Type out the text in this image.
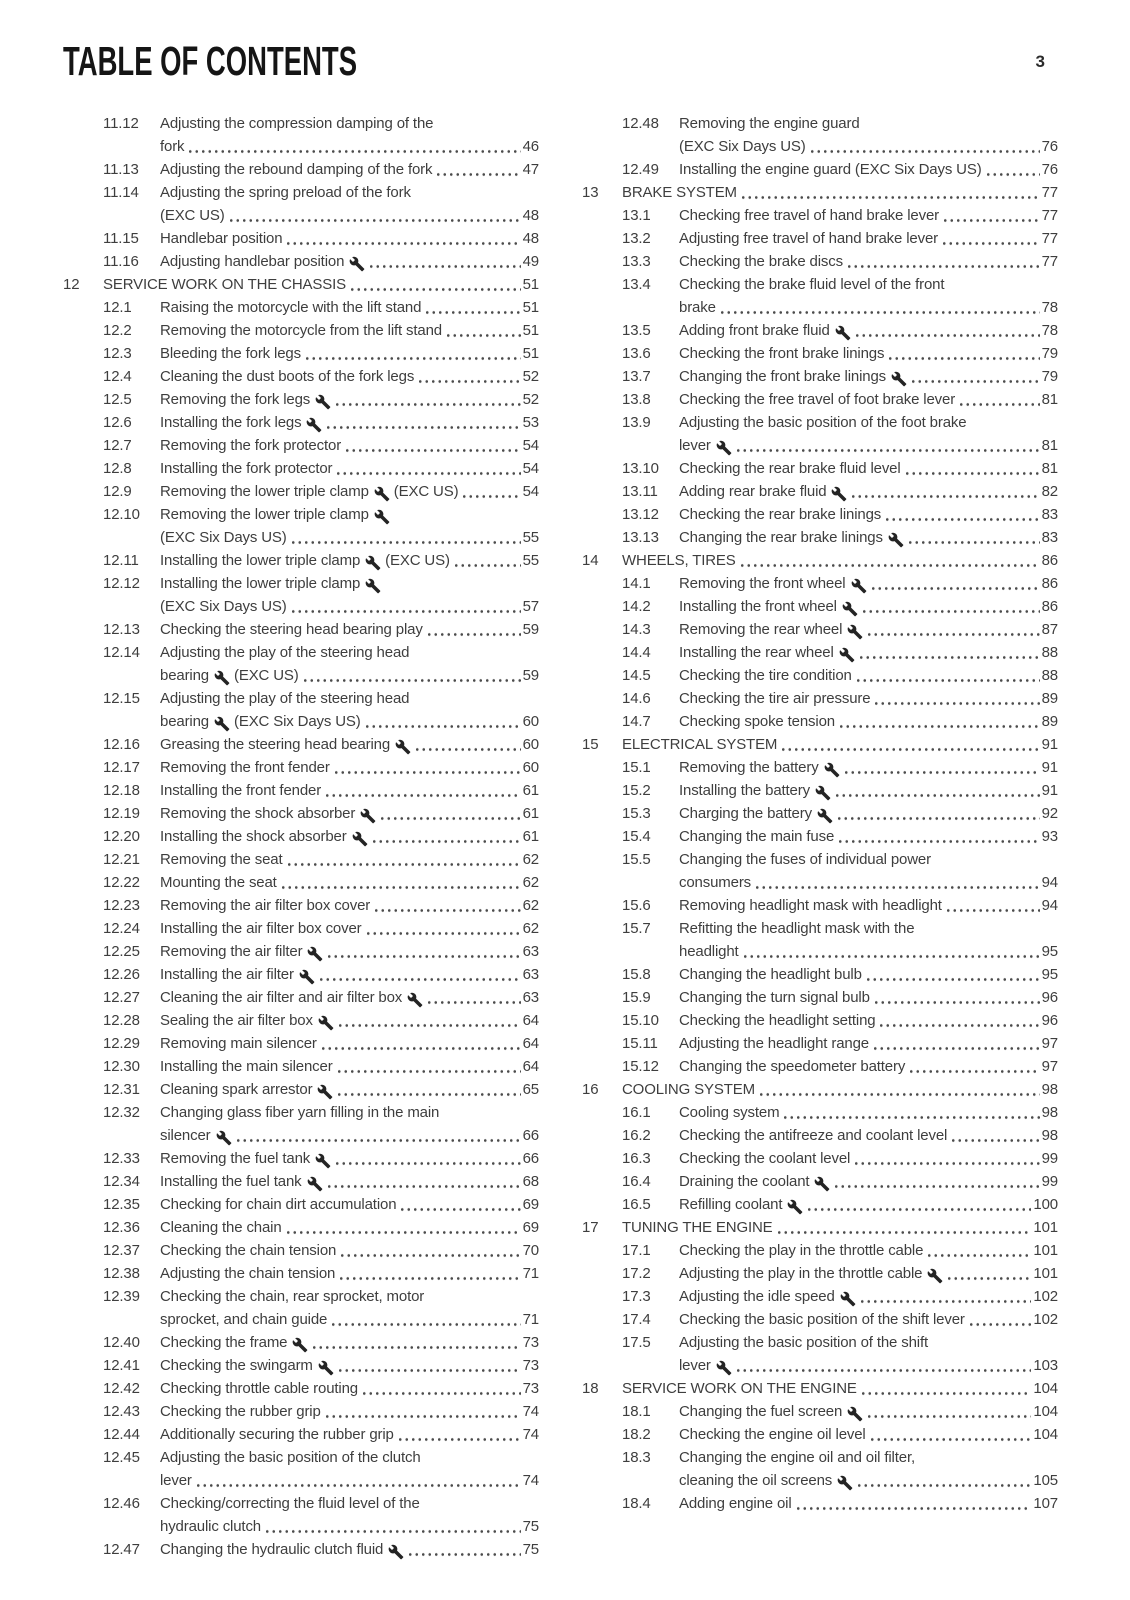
TABLE OF CONTENTS	3
11.12	Adjusting the compression damping of the
fork	46
11.13	Adjusting the rebound damping of the fork	47
11.14	Adjusting the spring preload of the fork
(EXC US)	48
11.15	Handlebar position	48
11.16	Adjusting handlebar position	49
12	SERVICE WORK ON THE CHASSIS	51
12.1	Raising the motorcycle with the lift stand	51
12.2	Removing the motorcycle from the lift stand	51
12.3	Bleeding the fork legs	51
12.4	Cleaning the dust boots of the fork legs	52
12.5	Removing the fork legs	52
12.6	Installing the fork legs	53
12.7	Removing the fork protector	54
12.8	Installing the fork protector	54
12.9	Removing the lower triple clamp (EXC US)	54
12.10	Removing the lower triple clamp
(EXC Six Days US)	55
12.11	Installing the lower triple clamp (EXC US)	55
12.12	Installing the lower triple clamp
(EXC Six Days US)	57
12.13	Checking the steering head bearing play	59
12.14	Adjusting the play of the steering head
bearing (EXC US)	59
12.15	Adjusting the play of the steering head
bearing (EXC Six Days US)	60
12.16	Greasing the steering head bearing	60
12.17	Removing the front fender	60
12.18	Installing the front fender	61
12.19	Removing the shock absorber	61
12.20	Installing the shock absorber	61
12.21	Removing the seat	62
12.22	Mounting the seat	62
12.23	Removing the air filter box cover	62
12.24	Installing the air filter box cover	62
12.25	Removing the air filter	63
12.26	Installing the air filter	63
12.27	Cleaning the air filter and air filter box	63
12.28	Sealing the air filter box	64
12.29	Removing main silencer	64
12.30	Installing the main silencer	64
12.31	Cleaning spark arrestor	65
12.32	Changing glass fiber yarn filling in the main
silencer	66
12.33	Removing the fuel tank	66
12.34	Installing the fuel tank	68
12.35	Checking for chain dirt accumulation	69
12.36	Cleaning the chain	69
12.37	Checking the chain tension	70
12.38	Adjusting the chain tension	71
12.39	Checking the chain, rear sprocket, motor
sprocket, and chain guide	71
12.40	Checking the frame	73
12.41	Checking the swingarm	73
12.42	Checking throttle cable routing	73
12.43	Checking the rubber grip	74
12.44	Additionally securing the rubber grip	74
12.45	Adjusting the basic position of the clutch
lever	74
12.46	Checking/correcting the fluid level of the
hydraulic clutch	75
12.47	Changing the hydraulic clutch fluid	75
12.48	Removing the engine guard
(EXC Six Days US)	76
12.49	Installing the engine guard (EXC Six Days US)	76
13	BRAKE SYSTEM	77
13.1	Checking free travel of hand brake lever	77
13.2	Adjusting free travel of hand brake lever	77
13.3	Checking the brake discs	77
13.4	Checking the brake fluid level of the front
brake	78
13.5	Adding front brake fluid	78
13.6	Checking the front brake linings	79
13.7	Changing the front brake linings	79
13.8	Checking the free travel of foot brake lever	81
13.9	Adjusting the basic position of the foot brake
lever	81
13.10	Checking the rear brake fluid level	81
13.11	Adding rear brake fluid	82
13.12	Checking the rear brake linings	83
13.13	Changing the rear brake linings	83
14	WHEELS, TIRES	86
14.1	Removing the front wheel	86
14.2	Installing the front wheel	86
14.3	Removing the rear wheel	87
14.4	Installing the rear wheel	88
14.5	Checking the tire condition	88
14.6	Checking the tire air pressure	89
14.7	Checking spoke tension	89
15	ELECTRICAL SYSTEM	91
15.1	Removing the battery	91
15.2	Installing the battery	91
15.3	Charging the battery	92
15.4	Changing the main fuse	93
15.5	Changing the fuses of individual power
consumers	94
15.6	Removing headlight mask with headlight	94
15.7	Refitting the headlight mask with the
headlight	95
15.8	Changing the headlight bulb	95
15.9	Changing the turn signal bulb	96
15.10	Checking the headlight setting	96
15.11	Adjusting the headlight range	97
15.12	Changing the speedometer battery	97
16	COOLING SYSTEM	98
16.1	Cooling system	98
16.2	Checking the antifreeze and coolant level	98
16.3	Checking the coolant level	99
16.4	Draining the coolant	99
16.5	Refilling coolant	100
17	TUNING THE ENGINE	101
17.1	Checking the play in the throttle cable	101
17.2	Adjusting the play in the throttle cable	101
17.3	Adjusting the idle speed	102
17.4	Checking the basic position of the shift lever	102
17.5	Adjusting the basic position of the shift
lever	103
18	SERVICE WORK ON THE ENGINE	104
18.1	Changing the fuel screen	104
18.2	Checking the engine oil level	104
18.3	Changing the engine oil and oil filter,
cleaning the oil screens	105
18.4	Adding engine oil	107
